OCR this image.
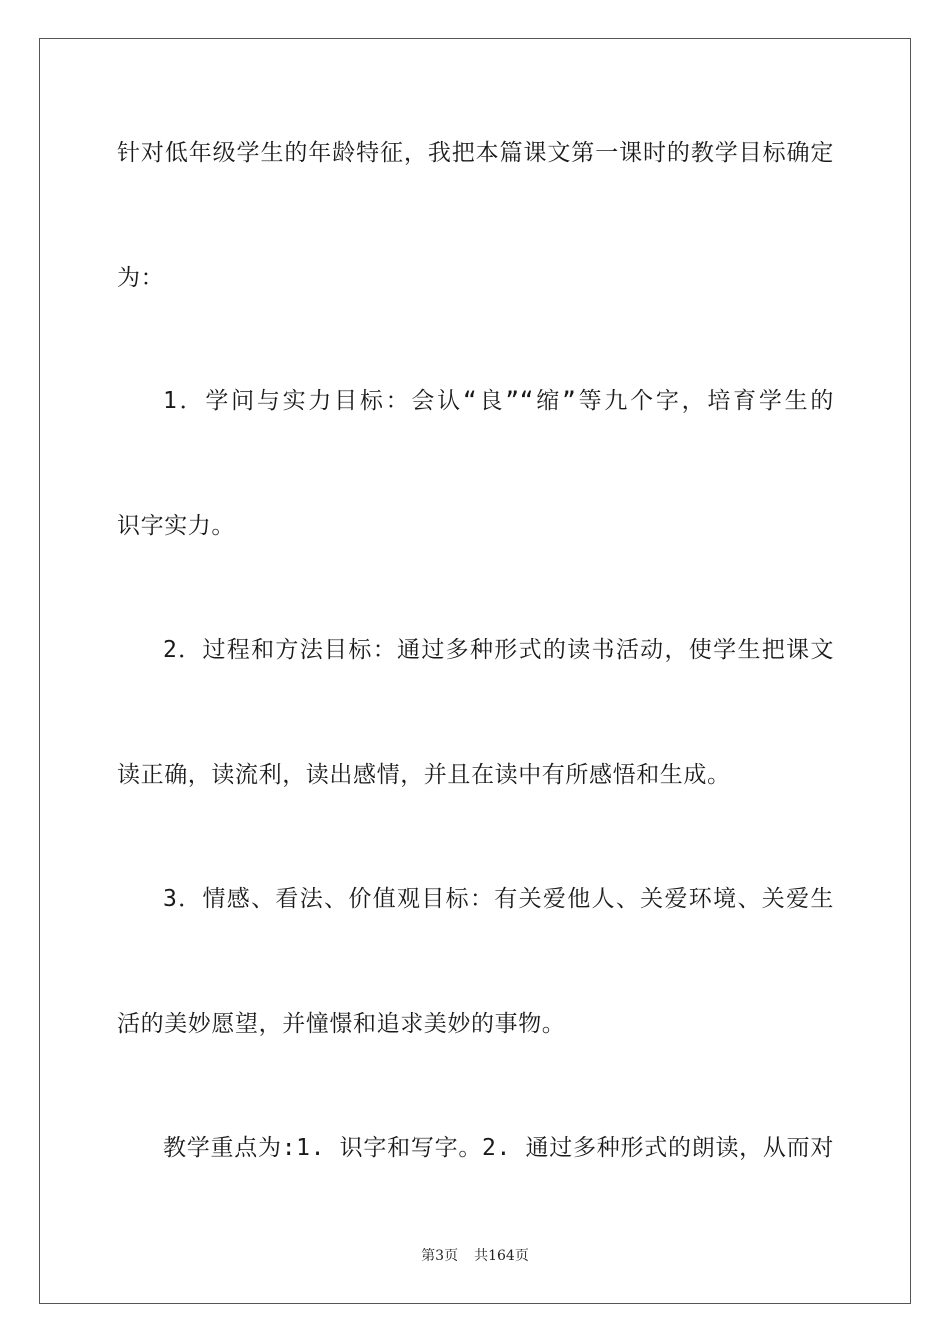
针对低年级学生的年龄特征，我把本篇课文第一课时的教学目标确定
为：
1．学问与实力目标：会认“良”“缩”等九个字，培育学生的
识字实力。
2．过程和方法目标：通过多种形式的读书活动，使学生把课文
读正确，读流利，读出感情，并且在读中有所感悟和生成。
3．情感、看法、价值观目标：有关爱他人、关爱环境、关爱生
活的美妙愿望，并憧憬和追求美妙的事物。
教学重点为:1. 识字和写字。2. 通过多种形式的朗读，从而对
第3页 共164页
